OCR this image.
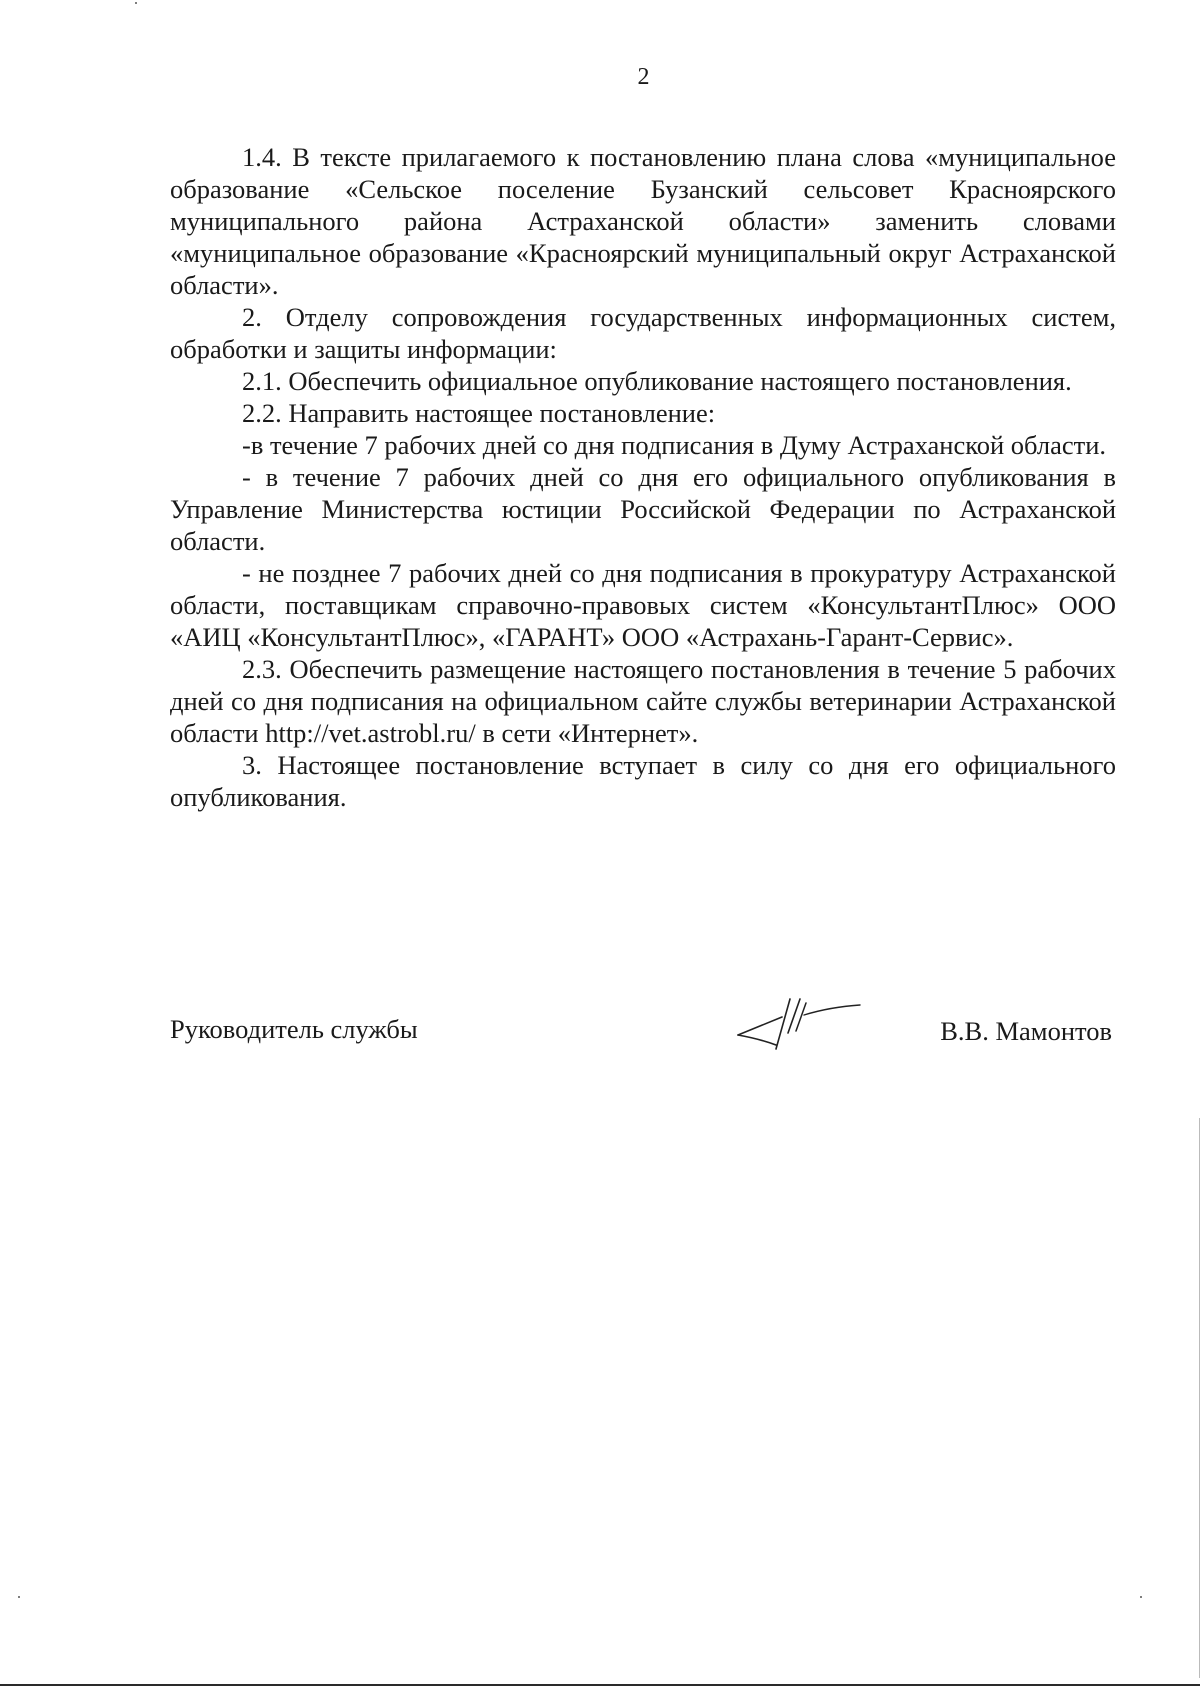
2

1.4. В тексте прилагаемого к постановлению плана слова «муниципальное образование «Сельское поселение Бузанский сельсовет Красноярского муниципального района Астраханской области» заменить словами «муниципальное образование «Красноярский муниципальный округ Астраханской области».

2. Отделу сопровождения государственных информационных систем, обработки и защиты информации:

2.1. Обеспечить официальное опубликование настоящего постановления.

2.2. Направить настоящее постановление:

-в течение 7 рабочих дней со дня подписания в Думу Астраханской области.

- в течение 7 рабочих дней со дня его официального опубликования в Управление Министерства юстиции Российской Федерации по Астраханской области.

- не позднее 7 рабочих дней со дня подписания в прокуратуру Астраханской области, поставщикам справочно-правовых систем «КонсультантПлюс» ООО «АИЦ «КонсультантПлюс», «ГАРАНТ» ООО «Астрахань-Гарант-Сервис».

2.3. Обеспечить размещение настоящего постановления в течение 5 рабочих дней со дня подписания на официальном сайте службы ветеринарии Астраханской области http://vet.astrobl.ru/ в сети «Интернет».

3. Настоящее постановление вступает в силу со дня его официального опубликования.

Руководитель службы	В.В. Мамонтов
